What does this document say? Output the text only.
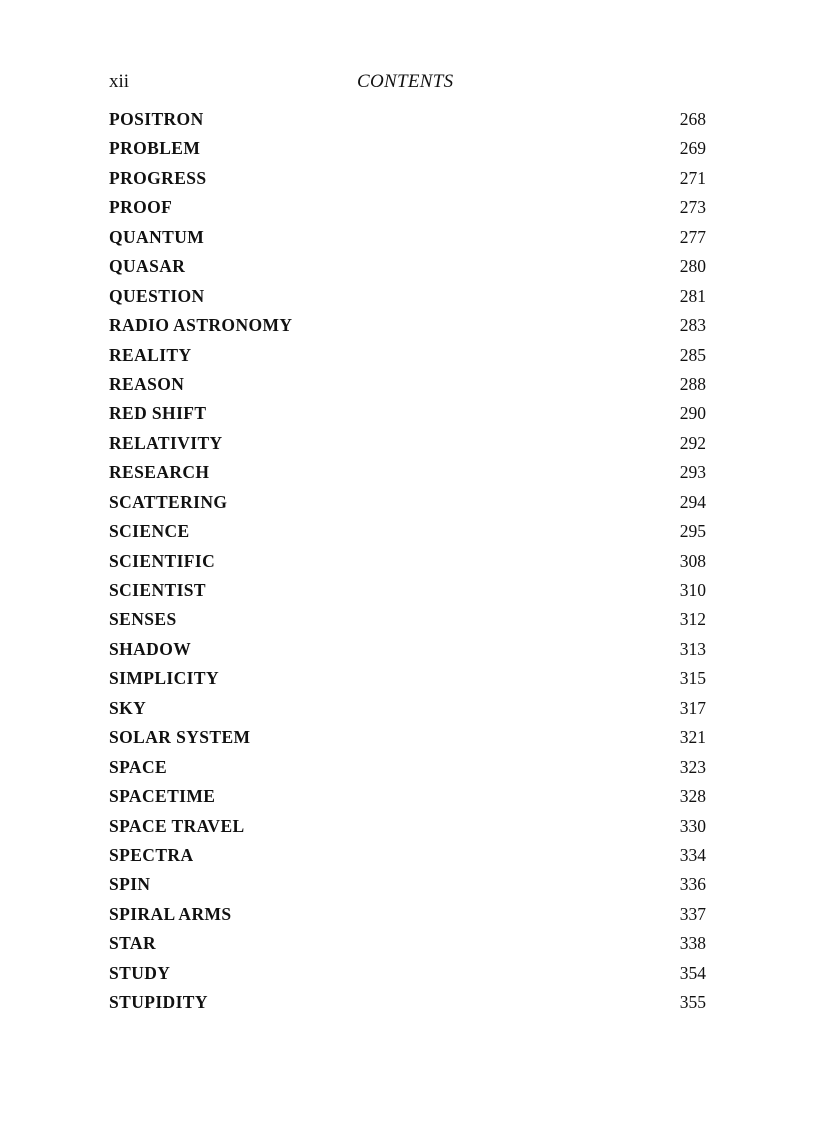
xii	CONTENTS
POSITRON	268
PROBLEM	269
PROGRESS	271
PROOF	273
QUANTUM	277
QUASAR	280
QUESTION	281
RADIO ASTRONOMY	283
REALITY	285
REASON	288
RED SHIFT	290
RELATIVITY	292
RESEARCH	293
SCATTERING	294
SCIENCE	295
SCIENTIFIC	308
SCIENTIST	310
SENSES	312
SHADOW	313
SIMPLICITY	315
SKY	317
SOLAR SYSTEM	321
SPACE	323
SPACETIME	328
SPACE TRAVEL	330
SPECTRA	334
SPIN	336
SPIRAL ARMS	337
STAR	338
STUDY	354
STUPIDITY	355
